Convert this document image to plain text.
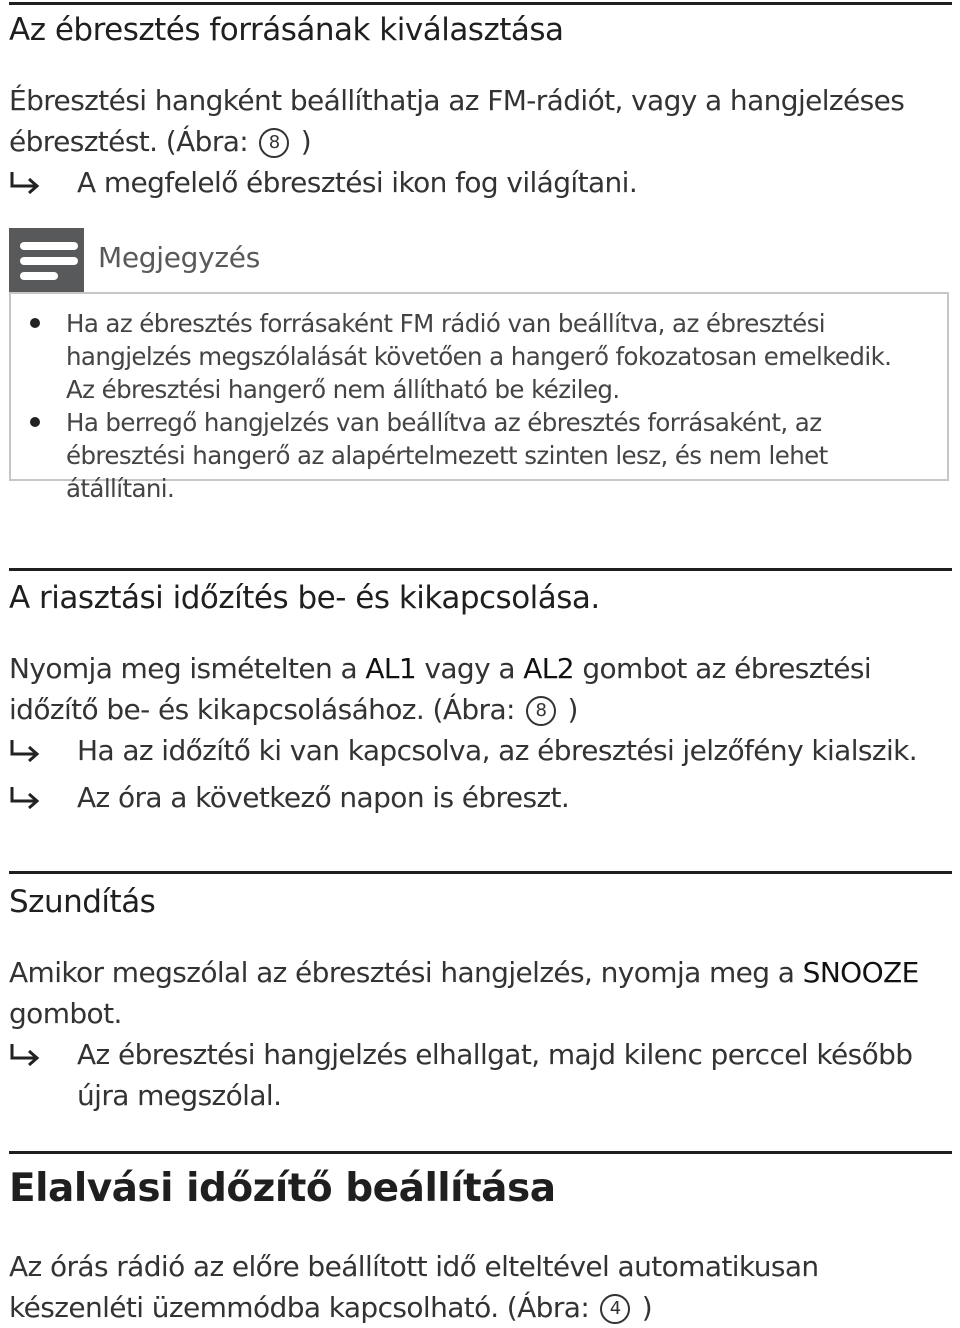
Az ébresztés forrásának kiválasztása

Ébresztési hangként beállíthatja az FM-rádiót, vagy a hangjelzéses ébresztést. (Ábra: 8 )

A megfelelő ébresztési ikon fog világítani.
Megjegyzés
Ha az ébresztés forrásaként FM rádió van beállítva, az ébresztési hangjelzés megszólalását követően a hangerő fokozatosan emelkedik. Az ébresztési hangerő nem állítható be kézileg.
Ha berregő hangjelzés van beállítva az ébresztés forrásaként, az ébresztési hangerő az alapértelmezett szinten lesz, és nem lehet átállítani.
A riasztási időzítés be- és kikapcsolása.

Nyomja meg ismételten a AL1 vagy a AL2 gombot az ébresztési időzítő be- és kikapcsolásához. (Ábra: 8 )

Ha az időzítő ki van kapcsolva, az ébresztési jelzőfény kialszik.
Az óra a következő napon is ébreszt.
Szundítás

Amikor megszólal az ébresztési hangjelzés, nyomja meg a SNOOZE gombot.

Az ébresztési hangjelzés elhallgat, majd kilenc perccel később újra megszólal.
Elalvási időzítő beállítása

Az órás rádió az előre beállított idő elteltével automatikusan készenléti üzemmódba kapcsolható. (Ábra: 4 )
